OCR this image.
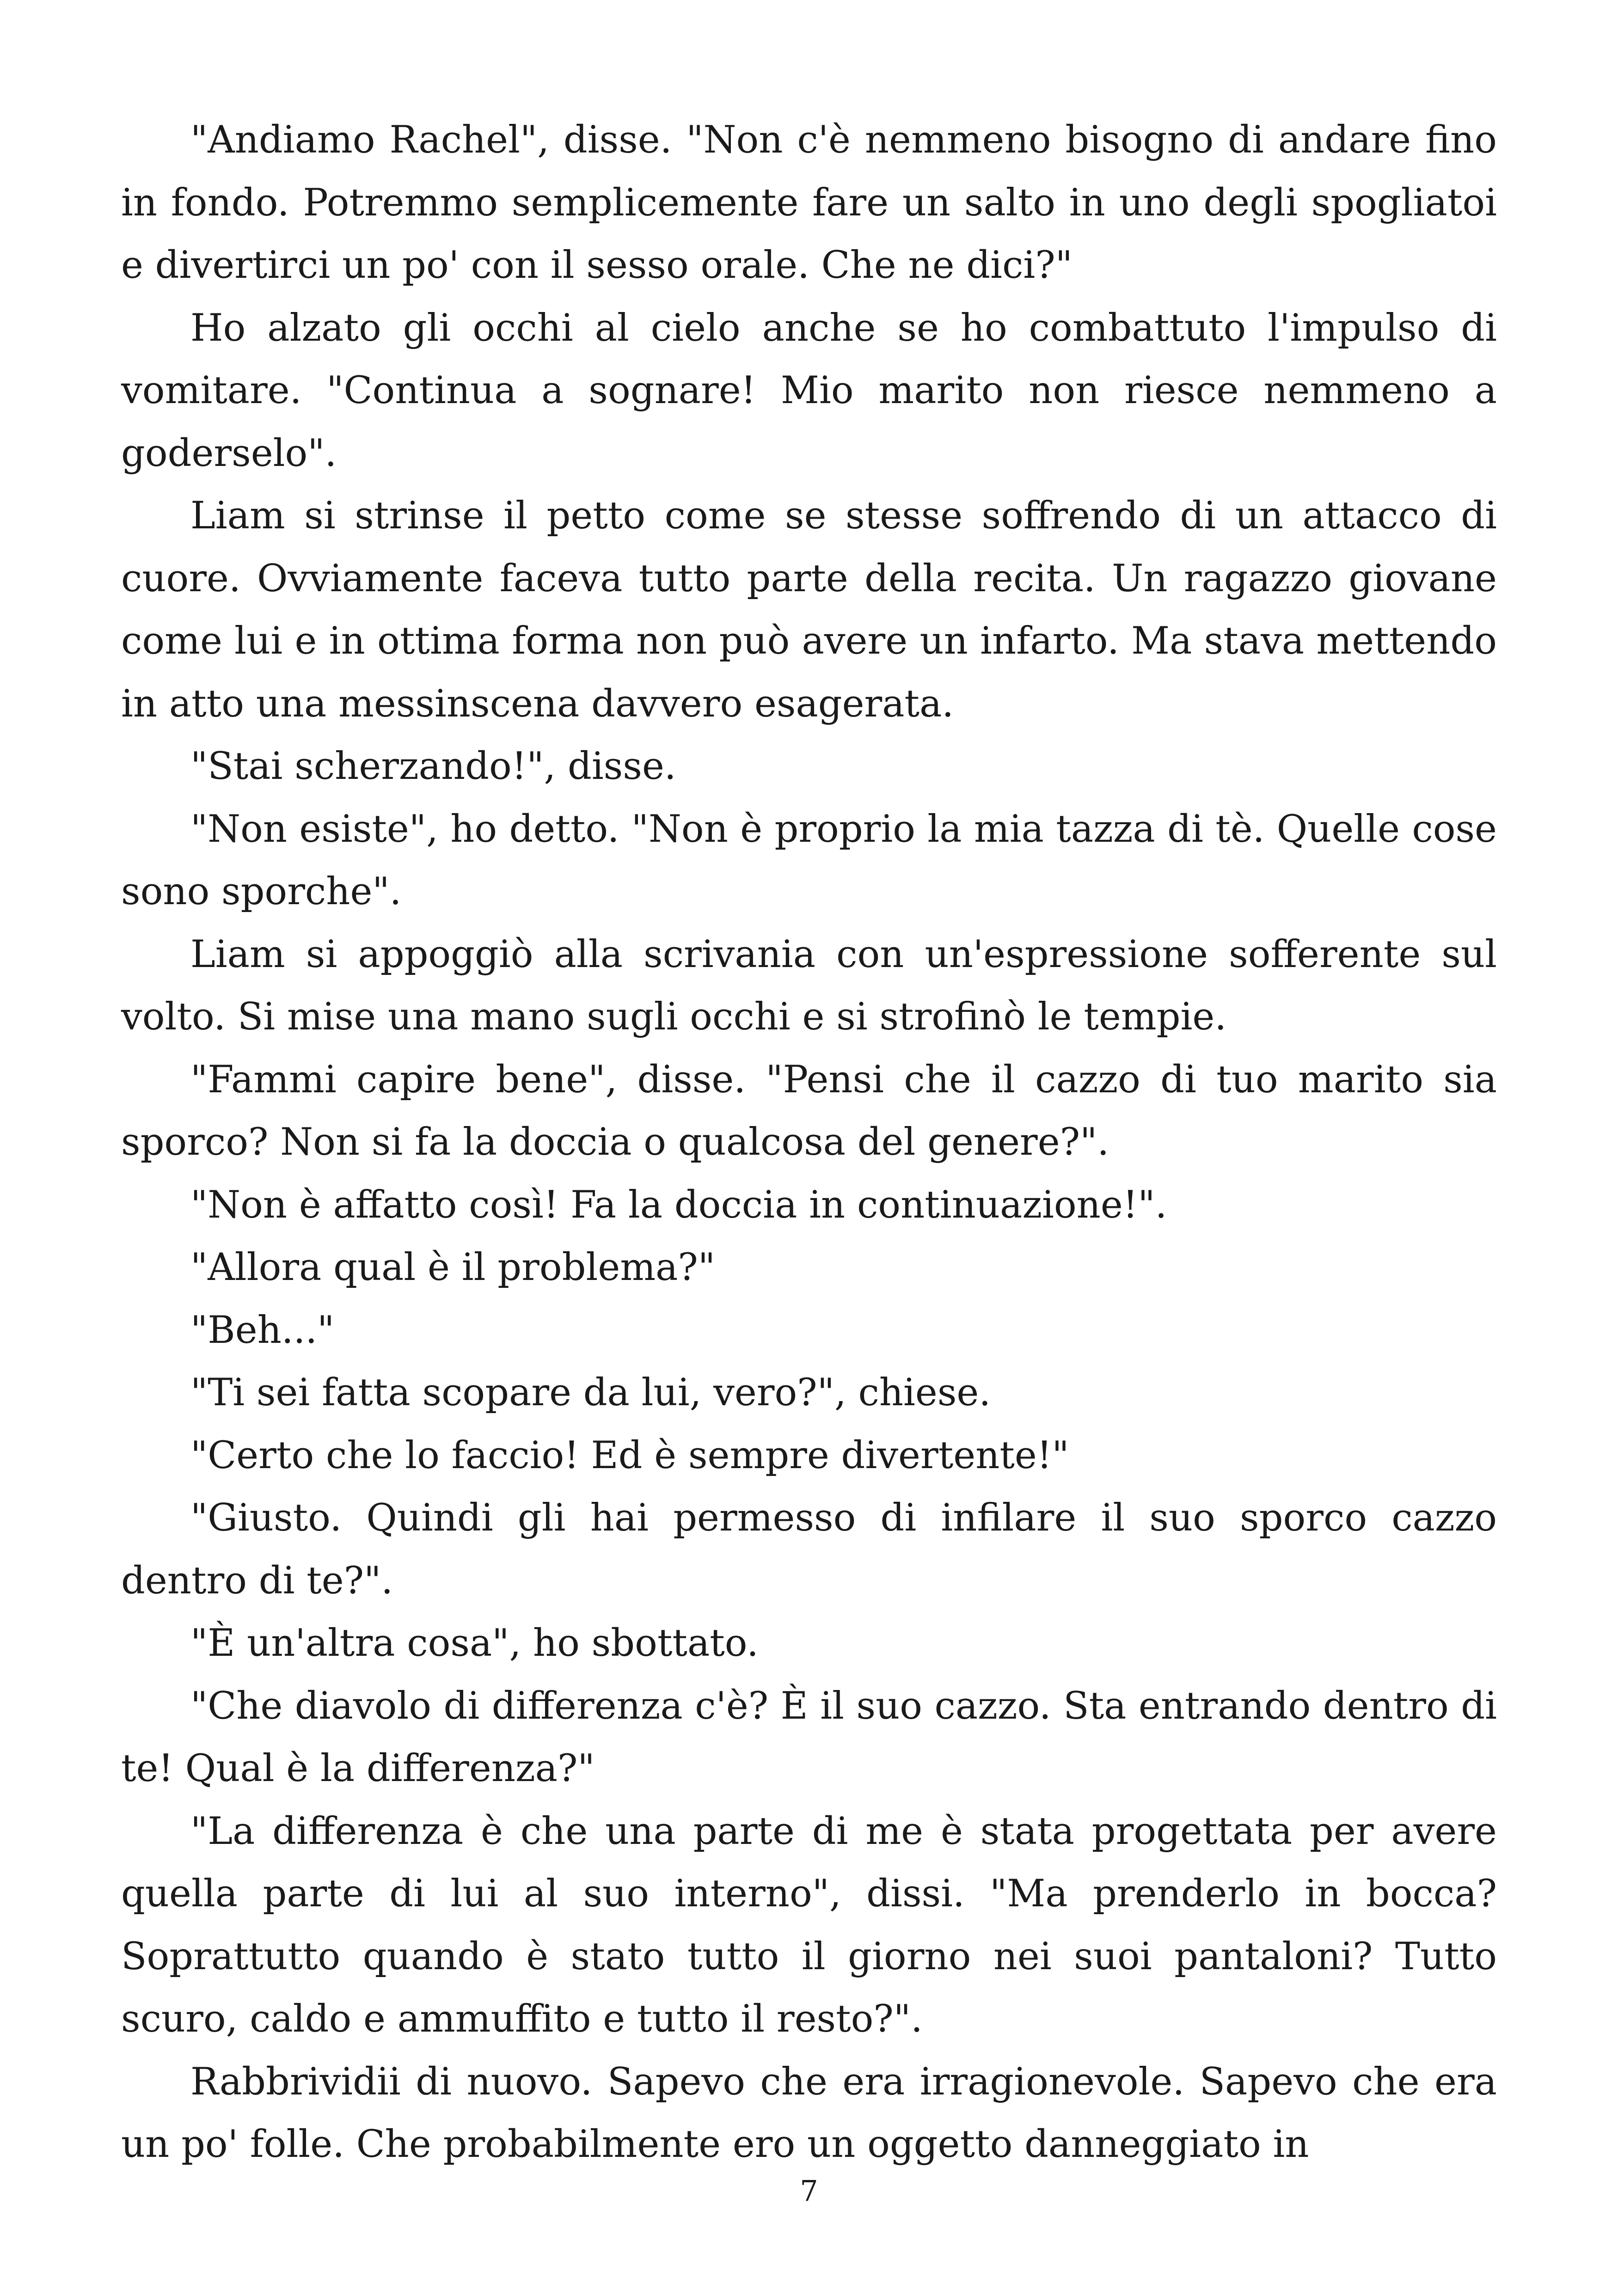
"Andiamo Rachel", disse. "Non c'è nemmeno bisogno di andare fino in fondo. Potremmo semplicemente fare un salto in uno degli spogliatoi e divertirci un po' con il sesso orale. Che ne dici?"

Ho alzato gli occhi al cielo anche se ho combattuto l'impulso di vomitare. "Continua a sognare! Mio marito non riesce nemmeno a goderselo".

Liam si strinse il petto come se stesse soffrendo di un attacco di cuore. Ovviamente faceva tutto parte della recita. Un ragazzo giovane come lui e in ottima forma non può avere un infarto. Ma stava mettendo in atto una messinscena davvero esagerata.

"Stai scherzando!", disse.

"Non esiste", ho detto. "Non è proprio la mia tazza di tè. Quelle cose sono sporche".

Liam si appoggiò alla scrivania con un'espressione sofferente sul volto. Si mise una mano sugli occhi e si strofinò le tempie.

"Fammi capire bene", disse. "Pensi che il cazzo di tuo marito sia sporco? Non si fa la doccia o qualcosa del genere?".

"Non è affatto così! Fa la doccia in continuazione!".

"Allora qual è il problema?"

"Beh..."

"Ti sei fatta scopare da lui, vero?", chiese.

"Certo che lo faccio! Ed è sempre divertente!"

"Giusto. Quindi gli hai permesso di infilare il suo sporco cazzo dentro di te?".

"È un'altra cosa", ho sbottato.

"Che diavolo di differenza c'è? È il suo cazzo. Sta entrando dentro di te! Qual è la differenza?"

"La differenza è che una parte di me è stata progettata per avere quella parte di lui al suo interno", dissi. "Ma prenderlo in bocca? Soprattutto quando è stato tutto il giorno nei suoi pantaloni? Tutto scuro, caldo e ammuffito e tutto il resto?".

Rabbrividii di nuovo. Sapevo che era irragionevole. Sapevo che era un po' folle. Che probabilmente ero un oggetto danneggiato in

7
